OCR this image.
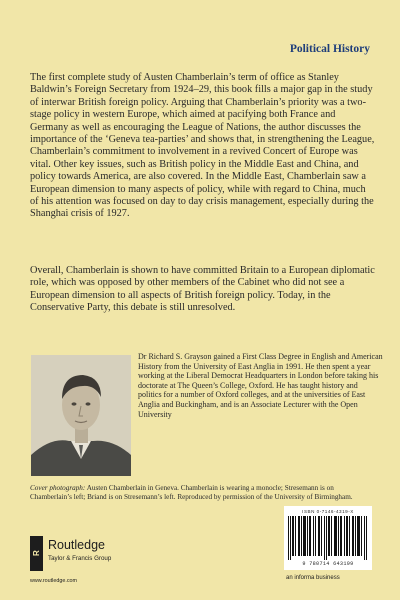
Political History

The first complete study of Austen Chamberlain’s term of office as Stanley Baldwin’s Foreign Secretary from 1924–29, this book fills a major gap in the study of interwar British foreign policy. Arguing that Chamberlain’s priority was a two-stage policy in western Europe, which aimed at pacifying both France and Germany as well as encouraging the League of Nations, the author discusses the importance of the ‘Geneva tea-parties’ and shows that, in strengthening the League, Chamberlain’s commitment to involvement in a revived Concert of Europe was vital. Other key issues, such as British policy in the Middle East and China, and policy towards America, are also covered. In the Middle East, Chamberlain saw a European dimension to many aspects of policy, while with regard to China, much of his attention was focused on day to day crisis management, especially during the Shanghai crisis of 1927.

Overall, Chamberlain is shown to have committed Britain to a European diplomatic role, which was opposed by other members of the Cabinet who did not see a European dimension to all aspects of British foreign policy. Today, in the Conservative Party, this debate is still unresolved.

Dr Richard S. Grayson gained a First Class Degree in English and American History from the University of East Anglia in 1991. He then spent a year working at the Liberal Democrat Headquarters in London before taking his doctorate at The Queen’s College, Oxford. He has taught history and politics for a number of Oxford colleges, and at the universities of East Anglia and Buckingham, and is an Associate Lecturer with the Open University

Cover photograph: Austen Chamberlain in Geneva. Chamberlain is wearing a monocle; Stresemann is on Chamberlain’s left; Briand is on Stresemann’s left. Reproduced by permission of the University of Birmingham.

R
Routledge
Taylor & Francis Group
www.routledge.com
ISBN 0-7146-4319-X
9 780714 643199
an informa business
